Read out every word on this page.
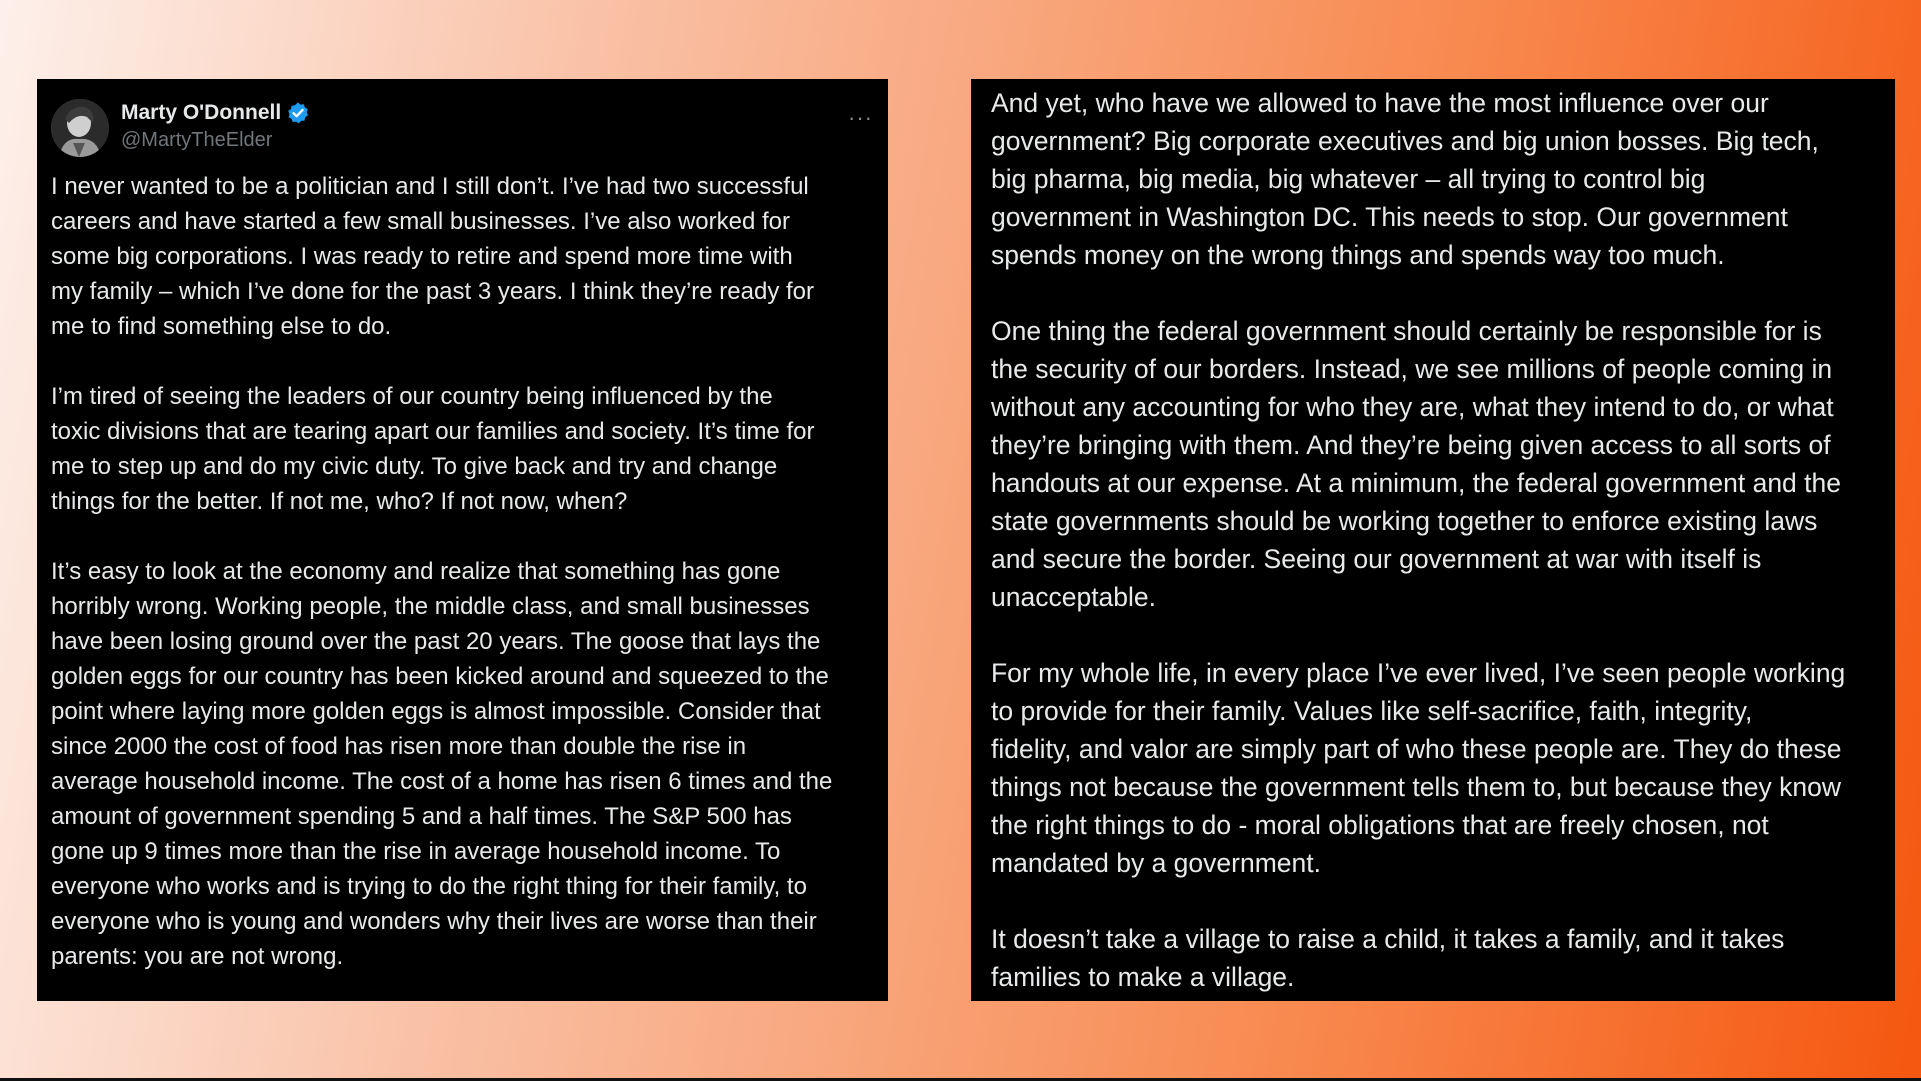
Marty O'Donnell
@MartyTheElder
···

I never wanted to be a politician and I still don’t. I’ve had two successful
careers and have started a few small businesses. I’ve also worked for
some big corporations. I was ready to retire and spend more time with
my family – which I’ve done for the past 3 years. I think they’re ready for
me to find something else to do.

I’m tired of seeing the leaders of our country being influenced by the
toxic divisions that are tearing apart our families and society. It’s time for
me to step up and do my civic duty. To give back and try and change
things for the better. If not me, who? If not now, when?

It’s easy to look at the economy and realize that something has gone
horribly wrong. Working people, the middle class, and small businesses
have been losing ground over the past 20 years. The goose that lays the
golden eggs for our country has been kicked around and squeezed to the
point where laying more golden eggs is almost impossible. Consider that
since 2000 the cost of food has risen more than double the rise in
average household income. The cost of a home has risen 6 times and the
amount of government spending 5 and a half times. The S&P 500 has
gone up 9 times more than the rise in average household income. To
everyone who works and is trying to do the right thing for their family, to
everyone who is young and wonders why their lives are worse than their
parents: you are not wrong.

And yet, who have we allowed to have the most influence over our
government? Big corporate executives and big union bosses. Big tech,
big pharma, big media, big whatever – all trying to control big
government in Washington DC. This needs to stop. Our government
spends money on the wrong things and spends way too much.

One thing the federal government should certainly be responsible for is
the security of our borders. Instead, we see millions of people coming in
without any accounting for who they are, what they intend to do, or what
they’re bringing with them. And they’re being given access to all sorts of
handouts at our expense. At a minimum, the federal government and the
state governments should be working together to enforce existing laws
and secure the border. Seeing our government at war with itself is
unacceptable.

For my whole life, in every place I’ve ever lived, I’ve seen people working
to provide for their family. Values like self-sacrifice, faith, integrity,
fidelity, and valor are simply part of who these people are. They do these
things not because the government tells them to, but because they know
the right things to do - moral obligations that are freely chosen, not
mandated by a government.

It doesn’t take a village to raise a child, it takes a family, and it takes
families to make a village.
